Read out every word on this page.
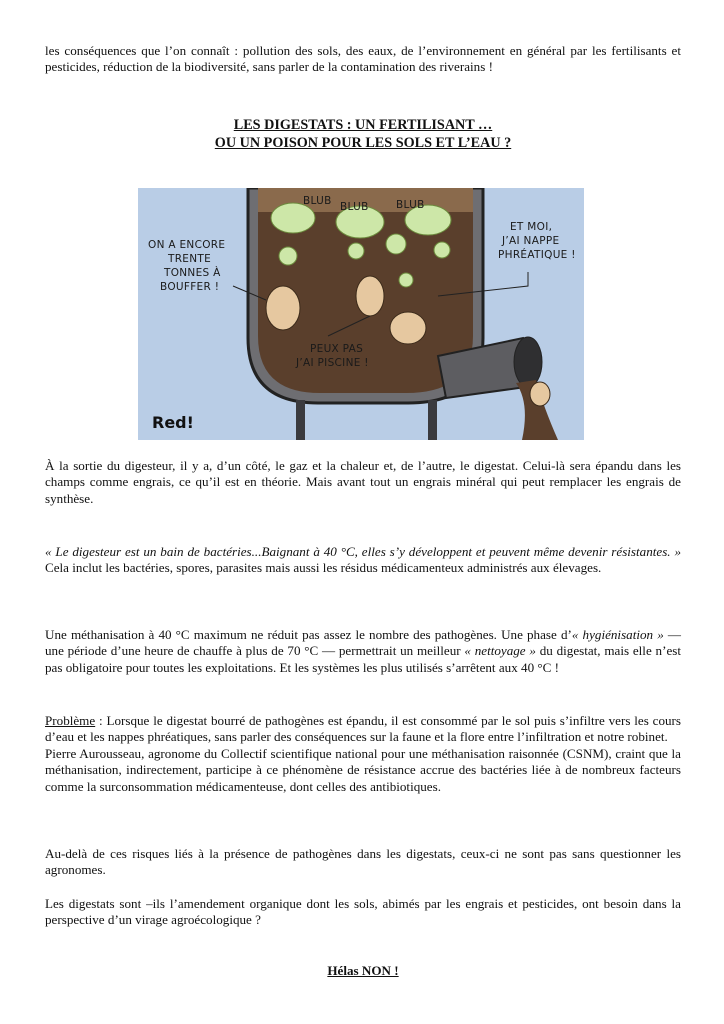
les conséquences que l’on connaît : pollution des sols, des eaux, de l’environnement en général par les fertilisants et pesticides, réduction de la biodiversité, sans parler de la contamination des riverains !

LES DIGESTATS : UN FERTILISANT …
OU UN POISON POUR LES SOLS ET L’EAU ?
BLUB BLUB	BLUB
ON A ENCORE
TRENTE
TONNES À
BOUFFER !
ET MOI,
J’AI NAPPE
PHRÉATIQUE !
PEUX PAS
J’AI PISCINE !
Red!

À la sortie du digesteur, il y a, d’un côté, le gaz et la chaleur et, de l’autre, le digestat. Celui-là sera épandu dans les champs comme engrais, ce qu’il est en théorie. Mais avant tout un engrais minéral qui peut remplacer les engrais de synthèse.

« Le digesteur est un bain de bactéries...Baignant à 40 °C, elles s’y développent et peuvent même devenir résistantes. » Cela inclut les bactéries, spores, parasites mais aussi les résidus médicamenteux administrés aux élevages.

Une méthanisation à 40 °C maximum ne réduit pas assez le nombre des pathogènes. Une phase d’« hygiénisation » — une période d’une heure de chauffe à plus de 70 °C — permettrait un meilleur « nettoyage » du digestat, mais elle n’est pas obligatoire pour toutes les exploitations. Et les systèmes les plus utilisés s’arrêtent aux 40 °C !

Problème : Lorsque le digestat bourré de pathogènes est épandu, il est consommé par le sol puis s’infiltre vers les cours d’eau et les nappes phréatiques, sans parler des conséquences sur la faune et la flore entre l’infiltration et notre robinet.

Pierre Aurousseau, agronome du Collectif scientifique national pour une méthanisation raisonnée (CSNM), craint que la méthanisation, indirectement, participe à ce phénomène de résistance accrue des bactéries liée à de nombreux facteurs comme la surconsommation médicamenteuse, dont celles des antibiotiques.

Au-delà de ces risques liés à la présence de pathogènes dans les digestats, ceux-ci ne sont pas sans questionner les agronomes.

Les digestats sont –ils l’amendement organique dont les sols, abimés par les engrais et pesticides, ont besoin dans la perspective d’un virage agroécologique ?

Hélas NON !
